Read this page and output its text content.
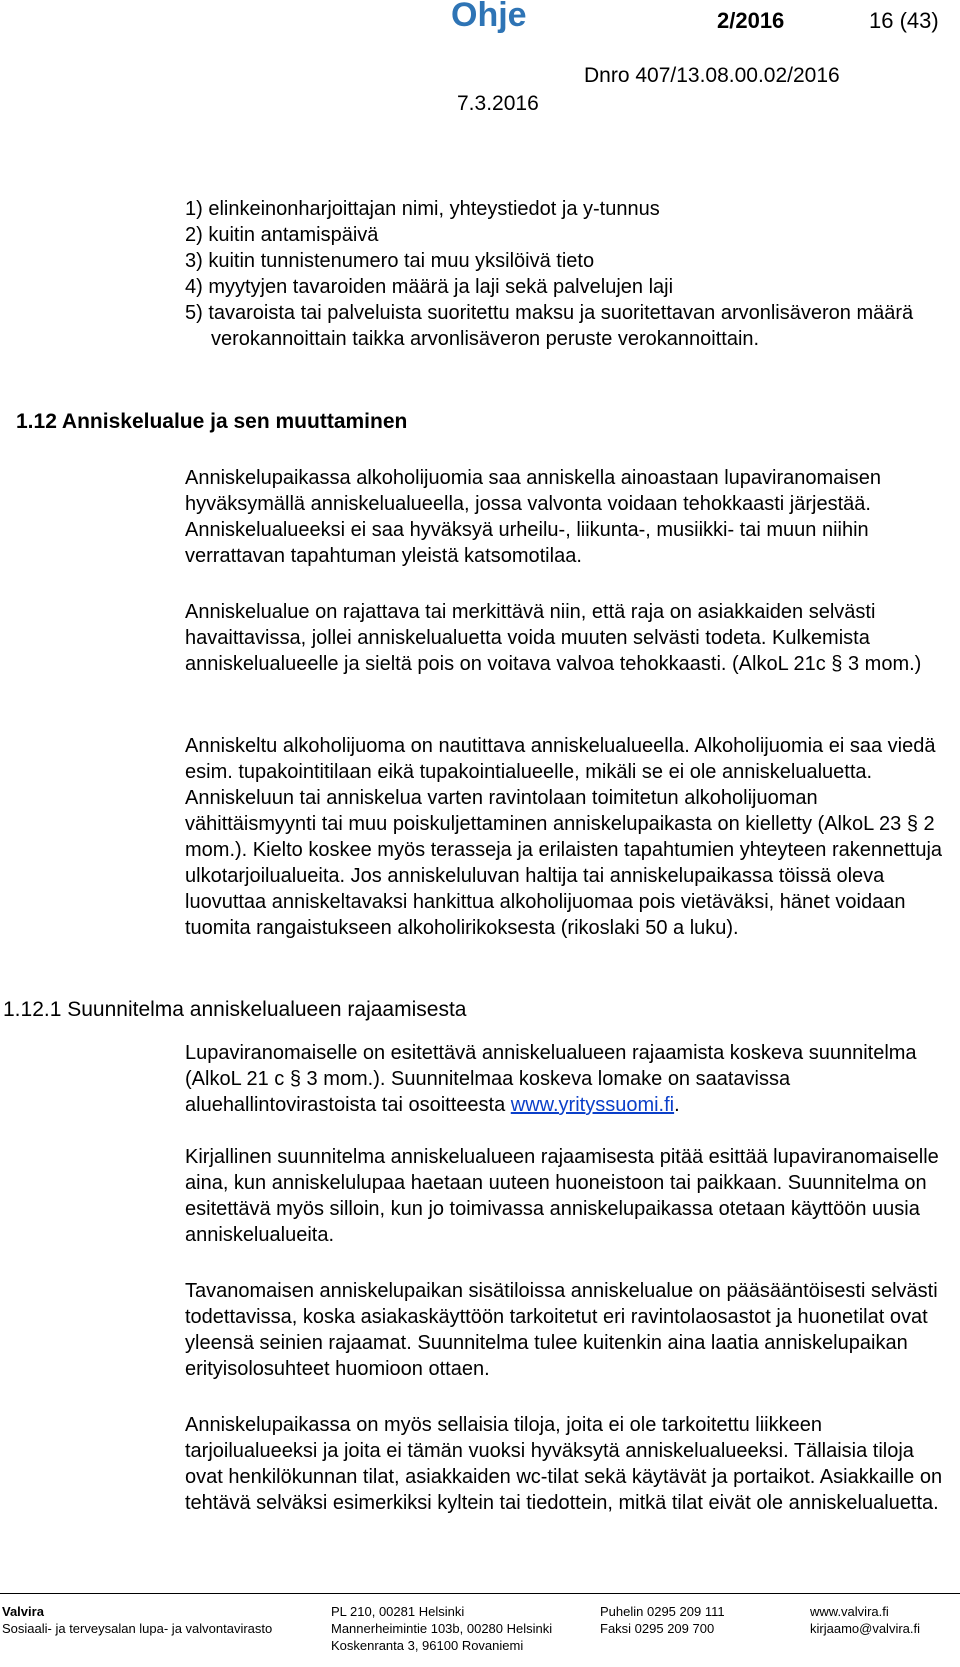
Ohje	2/2016	16 (43)
Dnro 407/13.08.00.02/2016
7.3.2016
1) elinkeinonharjoittajan nimi, yhteystiedot ja y-tunnus
2) kuitin antamispäivä
3) kuitin tunnistenumero tai muu yksilöivä tieto
4) myytyjen tavaroiden määrä ja laji sekä palvelujen laji
5) tavaroista tai palveluista suoritettu maksu ja suoritettavan arvonlisäveron määrä verokannoittain taikka arvonlisäveron peruste verokannoittain.
1.12 Anniskelualue ja sen muuttaminen

Anniskelupaikassa alkoholijuomia saa anniskella ainoastaan lupaviranomaisen hyväksymällä anniskelualueella, jossa valvonta voidaan tehokkaasti järjestää. Anniskelualueeksi ei saa hyväksyä urheilu-, liikunta-, musiikki- tai muun niihin verrattavan tapahtuman yleistä katsomotilaa.

Anniskelualue on rajattava tai merkittävä niin, että raja on asiakkaiden selvästi havaittavissa, jollei anniskelualuetta voida muuten selvästi todeta. Kulkemista anniskelualueelle ja sieltä pois on voitava valvoa tehokkaasti. (AlkoL 21c § 3 mom.)

Anniskeltu alkoholijuoma on nautittava anniskelualueella. Alkoholijuomia ei saa viedä esim. tupakointitilaan eikä tupakointialueelle, mikäli se ei ole anniskelualuetta. Anniskeluun tai anniskelua varten ravintolaan toimitetun alkoholijuoman vähittäismyynti tai muu poiskuljettaminen anniskelupaikasta on kielletty (AlkoL 23 § 2 mom.). Kielto koskee myös terasseja ja erilaisten tapahtumien yhteyteen rakennettuja ulkotarjoilualueita. Jos anniskeluluvan haltija tai anniskelupaikassa töissä oleva luovuttaa anniskeltavaksi hankittua alkoholijuomaa pois vietäväksi, hänet voidaan tuomita rangaistukseen alkoholirikoksesta (rikoslaki 50 a luku).

1.12.1 Suunnitelma anniskelualueen rajaamisesta

Lupaviranomaiselle on esitettävä anniskelualueen rajaamista koskeva suunnitelma (AlkoL 21 c § 3 mom.). Suunnitelmaa koskeva lomake on saatavissa aluehallintovirastoista tai osoitteesta www.yrityssuomi.fi.

Kirjallinen suunnitelma anniskelualueen rajaamisesta pitää esittää lupaviranomaiselle aina, kun anniskelulupaa haetaan uuteen huoneistoon tai paikkaan. Suunnitelma on esitettävä myös silloin, kun jo toimivassa anniskelupaikassa otetaan käyttöön uusia anniskelualueita.

Tavanomaisen anniskelupaikan sisätiloissa anniskelualue on pääsääntöisesti selvästi todettavissa, koska asiakaskäyttöön tarkoitetut eri ravintolaosastot ja huonetilat ovat yleensä seinien rajaamat. Suunnitelma tulee kuitenkin aina laatia anniskelupaikan erityisolosuhteet huomioon ottaen.

Anniskelupaikassa on myös sellaisia tiloja, joita ei ole tarkoitettu liikkeen tarjoilualueeksi ja joita ei tämän vuoksi hyväksytä anniskelualueeksi. Tällaisia tiloja ovat henkilökunnan tilat, asiakkaiden wc-tilat sekä käytävät ja portaikot. Asiakkaille on tehtävä selväksi esimerkiksi kyltein tai tiedottein, mitkä tilat eivät ole anniskelualuetta.

Valvira
Sosiaali- ja terveysalan lupa- ja valvontavirasto
PL 210, 00281 Helsinki
Mannerheimintie 103b, 00280 Helsinki
Koskenranta 3, 96100 Rovaniemi
Puhelin 0295 209 111
Faksi 0295 209 700
www.valvira.fi
kirjaamo@valvira.fi
